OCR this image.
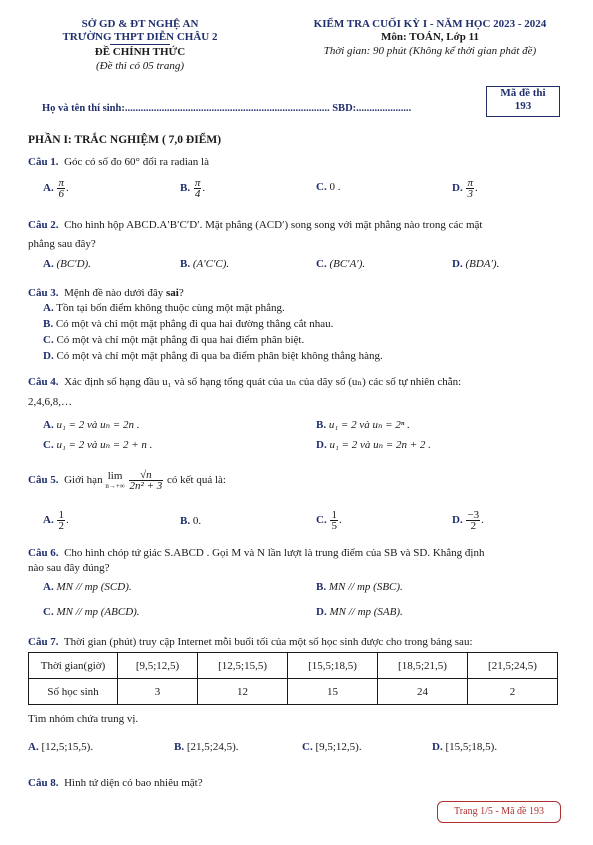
SỞ GD & ĐT NGHỆ AN
TRƯỜNG THPT DIỄN CHÂU 2
ĐỀ CHÍNH THỨC
(Đề thi có 05 trang)
KIỂM TRA CUỐI KỲ I - NĂM HỌC 2023 - 2024
Môn: TOÁN, Lớp 11
Thời gian: 90 phút (Không kể thời gian phát đề)
Họ và tên thí sinh:.............................................................................. SBD:.....................
Mã đề thi
193
PHẦN I: TRẮC NGHIỆM ( 7,0 ĐIỂM)
Câu 1. Góc có số đo 60° đổi ra radian là
A. $\frac{\pi}{6}$ .	B. $\frac{\pi}{4}$ .	C. 0 .	D. $\frac{\pi}{3}$ .
Câu 2. Cho hình hộp ABCD.A′B′C′D′. Mặt phẳng (ACD′) song song với mặt phẳng nào trong các mặt
phẳng sau đây?
A. (BC′D).	B. (A′C′C).	C. (BC′A′).	D. (BDA′).
Câu 3. Mệnh đề nào dưới đây sai?
A. Tồn tại bốn điểm không thuộc cùng một mặt phẳng.
B. Có một và chỉ một mặt phẳng đi qua hai đường thẳng cắt nhau.
C. Có một và chỉ một mặt phẳng đi qua hai điểm phân biệt.
D. Có một và chỉ một mặt phẳng đi qua ba điểm phân biệt không thẳng hàng.
Câu 4. Xác định số hạng đầu u₁ và số hạng tổng quát của uₙ của dãy số (uₙ) các số tự nhiên chẵn:
2,4,6,8,…
A. u₁ = 2 và uₙ = 2n .	B. u₁ = 2 và uₙ = 2ⁿ .
C. u₁ = 2 và uₙ = 2 + n .	D. u₁ = 2 và uₙ = 2n + 2 .
Câu 5. Giới hạn lim
n→+∞
$\frac{√n}{\text{2n² + 3}}$ có kết quả là:
A. $\frac{1}{2}$ .	B. 0.	C. $\frac{1}{5}$ .	D. $\frac{-3}{2}$ .
Câu 6. Cho hình chóp tứ giác S.ABCD . Gọi M và N lần lượt là trung điểm của SB và SD. Khẳng định
nào sau đây đúng?
A. MN // mp (SCD).	B. MN // mp (SBC).
C. MN // mp (ABCD).	D. MN // mp (SAB).
Câu 7. Thời gian (phút) truy cập Internet mỗi buổi tối của một số học sinh được cho trong bảng sau:
Thời gian(giờ)	[9,5;12,5)	[12,5;15,5)	[15,5;18,5)	[18,5;21,5)	[21,5;24,5)
Số học sinh	3	12	15	24	2
Tìm nhóm chứa trung vị.
A. [12,5;15,5).	B. [21,5;24,5).	C. [9,5;12,5).	D. [15,5;18,5).
Câu 8. Hình tứ diện có bao nhiêu mặt?
Trang 1/5 - Mã đề 193
